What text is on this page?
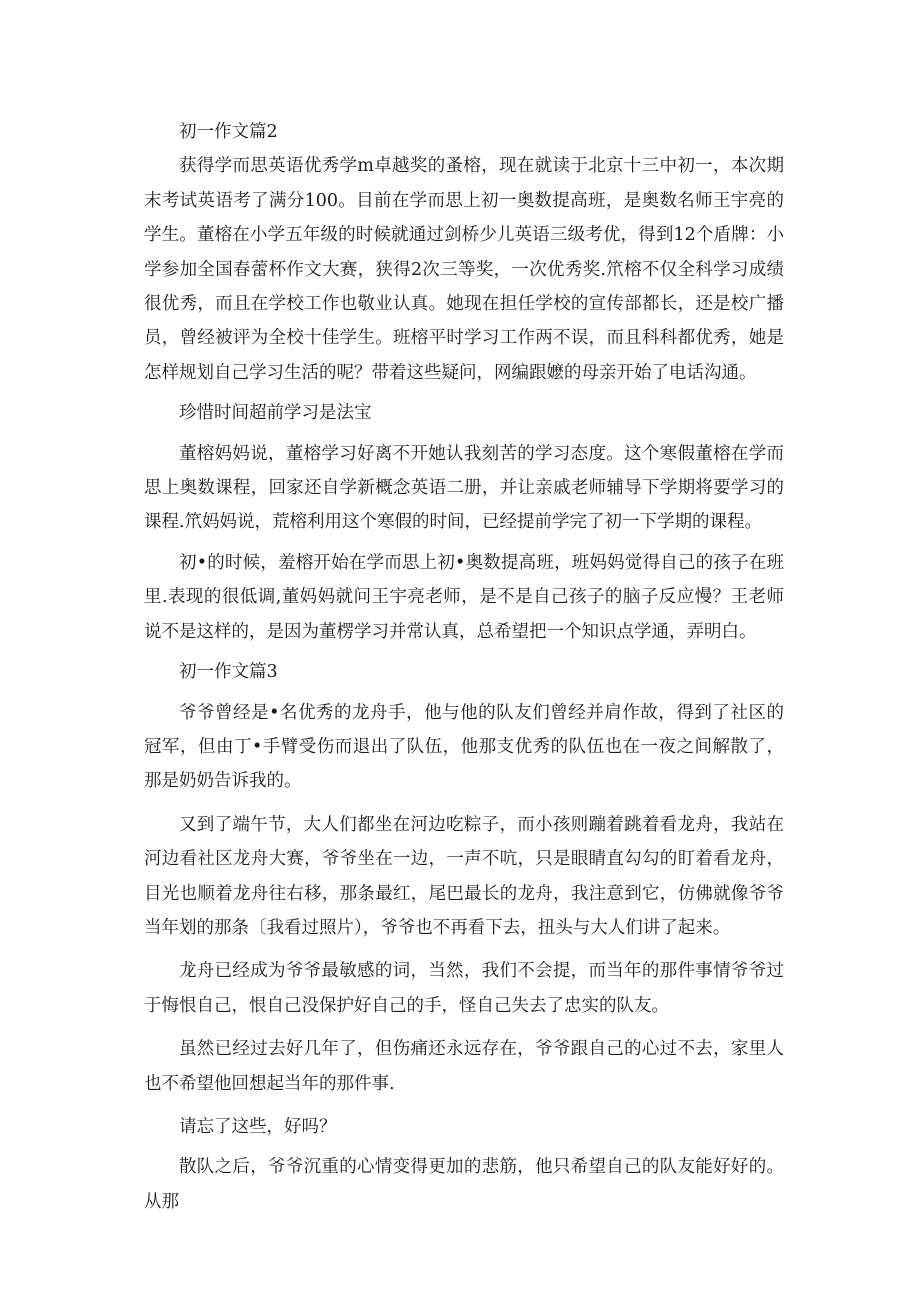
初一作文篇2

获得学而思英语优秀学m卓越奖的蚤榕，现在就读于北京十三中初一，本次期末考试英语考了满分100。目前在学而思上初一奥数提高班，是奥数名师王宇亮的学生。董榕在小学五年级的时候就通过剑桥少儿英语三级考优，得到12个盾牌：小学参加全国春蕾杯作文大赛，狭得2次三等奖，一次优秀奖.笊榕不仅全科学习成绩很优秀，而且在学校工作也敬业认真。她现在担任学校的宣传部都长，还是校广播员，曾经被评为全校十佳学生。班榕平时学习工作两不误，而且科科都优秀，她是怎样规划自己学习生活的呢？带着这些疑问，网编跟嬷的母亲开始了电话沟通。

珍惜时间超前学习是法宝

董榕妈妈说，董榕学习好离不开她认我刻苦的学习态度。这个寒假董榕在学而思上奥数课程，回家还自学新概念英语二册，并让亲戚老师辅导下学期将要学习的课程.笊妈妈说，荒榕利用这个寒假的时间，已经提前学完了初一下学期的课程。

初•的时候，羞榕开始在学而思上初•奥数提高班，班妈妈觉得自己的孩子在班里.表现的很低调,董妈妈就问王宇亮老师，是不是自己孩子的脑子反应慢？王老师说不是这样的，是因为董楞学习并常认真，总希望把一个知识点学通，弄明白。

初一作文篇3

爷爷曾经是•名优秀的龙舟手，他与他的队友们曾经并肩作故，得到了社区的冠军，但由丁•手臂受伤而退出了队伍，他那支优秀的队伍也在一夜之间解散了，那是奶奶告诉我的。

又到了端午节，大人们都坐在河边吃粽子，而小孩则蹦着跳着看龙舟，我站在河边看社区龙舟大赛，爷爷坐在一边，一声不吭，只是眼睛直勾勾的盯着看龙舟，目光也顺着龙舟往右移，那条最红，尾巴最长的龙舟，我注意到它，仿佛就像爷爷当年划的那条〔我看过照片），爷爷也不再看下去，扭头与大人们讲了起来。

龙舟已经成为爷爷最敏感的词，当然，我们不会提，而当年的那件事情爷爷过于悔恨自己，恨自己没保护好自己的手，怪自己失去了忠实的队友。

虽然已经过去好几年了，但伤痛还永远存在，爷爷跟自己的心过不去，家里人也不希望他回想起当年的那件事.

请忘了这些，好吗？

散队之后，爷爷沉重的心情变得更加的悲筋，他只希望自己的队友能好好的。从那
